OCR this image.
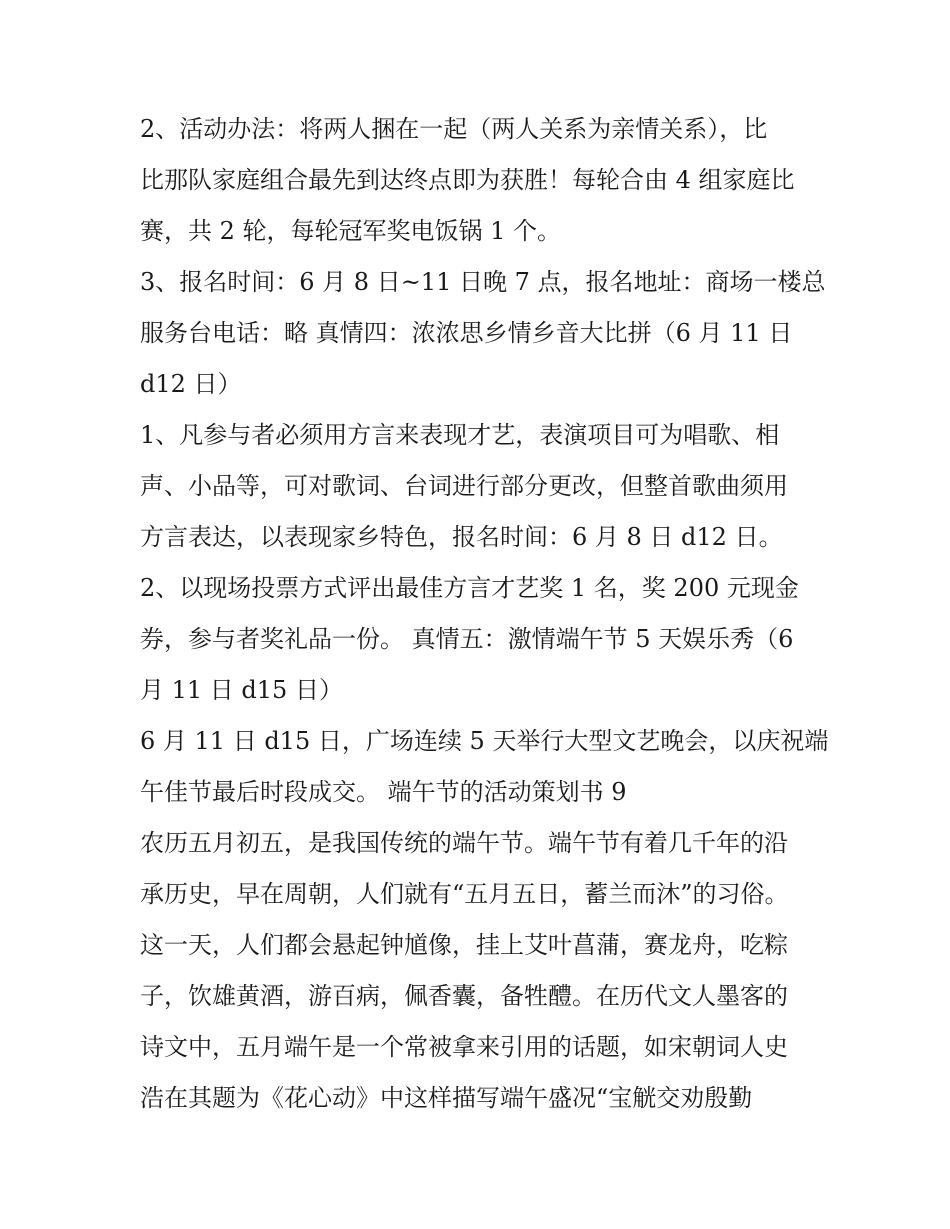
2、活动办法：将两人捆在一起（两人关系为亲情关系），比
比那队家庭组合最先到达终点即为获胜！每轮合由 4 组家庭比
赛，共 2 轮，每轮冠军奖电饭锅 1 个。
3、报名时间：6 月 8 日~11 日晚 7 点，报名地址：商场一楼总
服务台电话：略 真情四：浓浓思乡情乡音大比拼（6 月 11 日
d12 日）
1、凡参与者必须用方言来表现才艺，表演项目可为唱歌、相
声、小品等，可对歌词、台词进行部分更改，但整首歌曲须用
方言表达，以表现家乡特色，报名时间：6 月 8 日 d12 日。
2、以现场投票方式评出最佳方言才艺奖 1 名，奖 200 元现金
券，参与者奖礼品一份。 真情五：激情端午节 5 天娱乐秀（6
月 11 日 d15 日）
6 月 11 日 d15 日，广场连续 5 天举行大型文艺晚会，以庆祝端
午佳节最后时段成交。 端午节的活动策划书 9
农历五月初五，是我国传统的端午节。端午节有着几千年的沿
承历史，早在周朝，人们就有“五月五日，蓄兰而沐”的习俗。
这一天，人们都会悬起钟馗像，挂上艾叶菖蒲，赛龙舟，吃粽
子，饮雄黄酒，游百病，佩香囊，备牲醴。在历代文人墨客的
诗文中，五月端午是一个常被拿来引用的话题，如宋朝词人史
浩在其题为《花心动》中这样描写端午盛况“宝觥交劝殷勤
